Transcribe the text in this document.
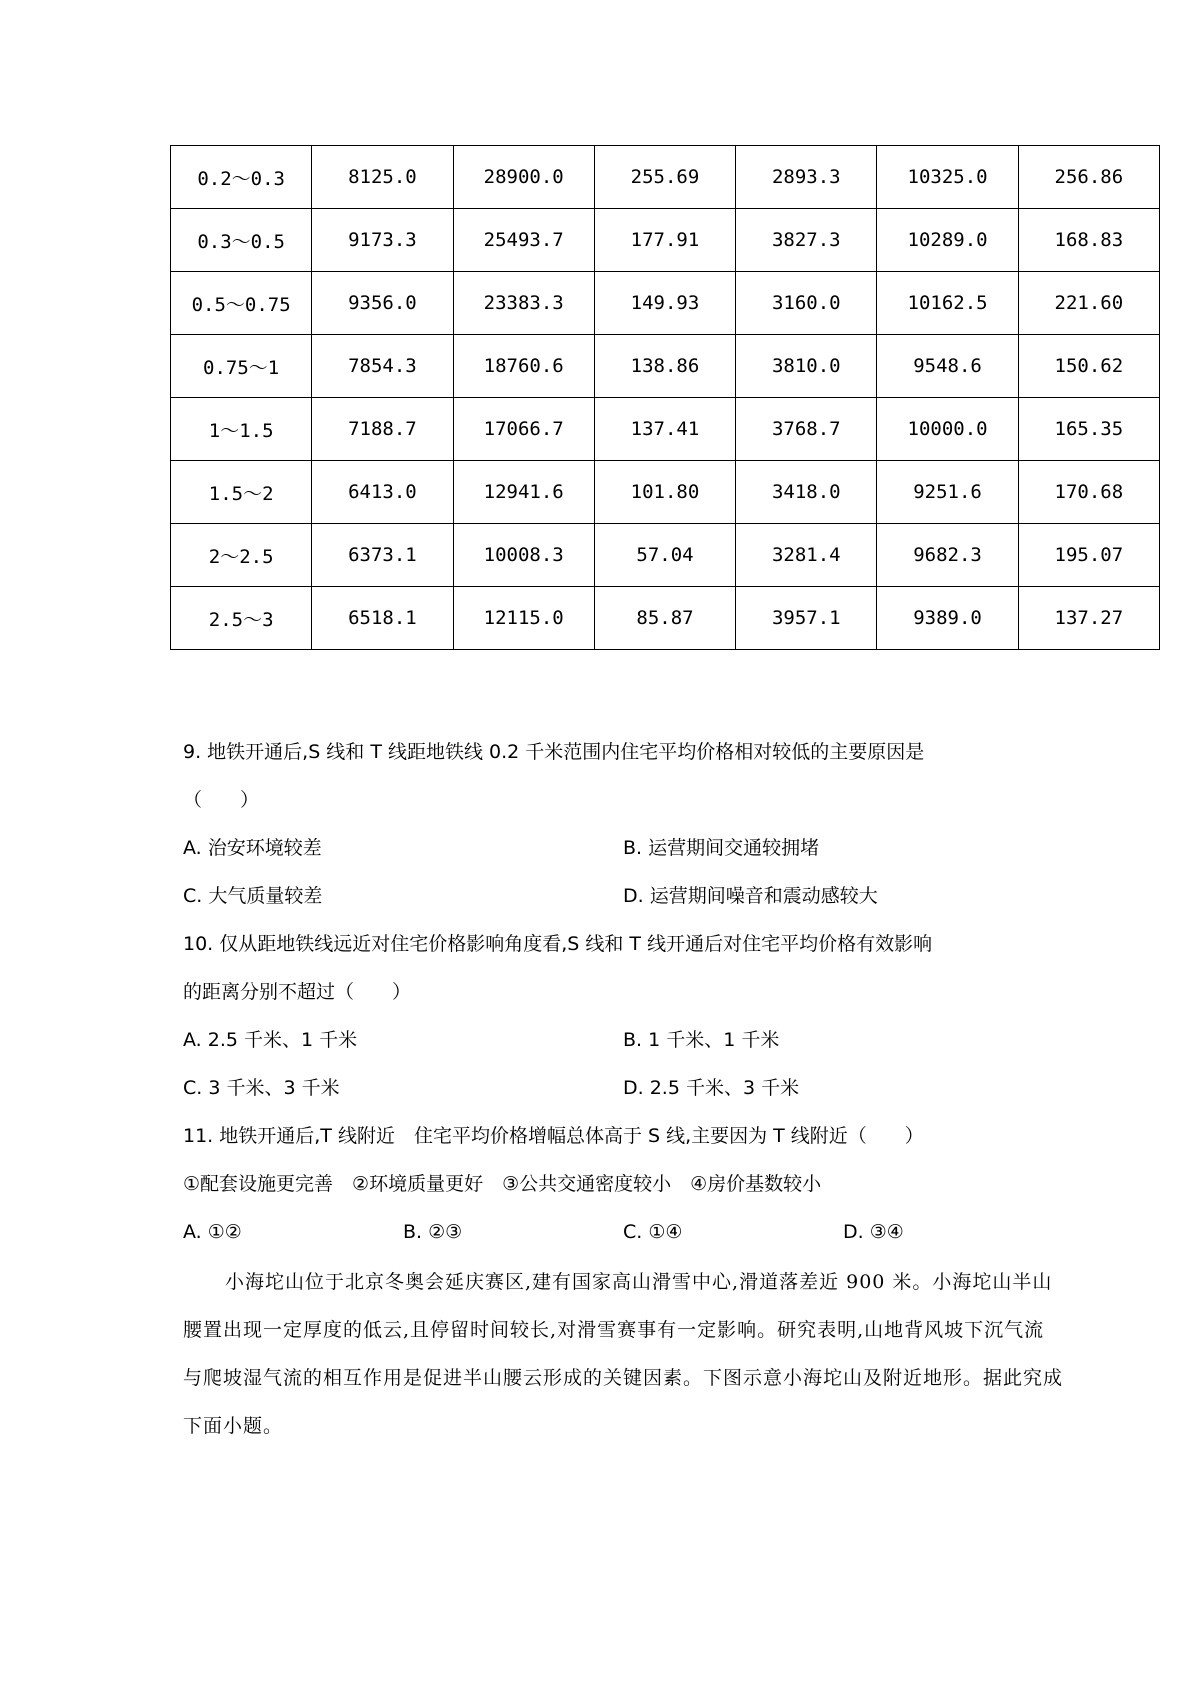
0.2～0.3	8125.0	28900.0	255.69	2893.3	10325.0	256.86
0.3～0.5	9173.3	25493.7	177.91	3827.3	10289.0	168.83
0.5～0.75	9356.0	23383.3	149.93	3160.0	10162.5	221.60
0.75～1	7854.3	18760.6	138.86	3810.0	9548.6	150.62
1～1.5	7188.7	17066.7	137.41	3768.7	10000.0	165.35
1.5～2	6413.0	12941.6	101.80	3418.0	9251.6	170.68
2～2.5	6373.1	10008.3	57.04	3281.4	9682.3	195.07
2.5～3	6518.1	12115.0	85.87	3957.1	9389.0	137.27
9. 地铁开通后,S 线和 T 线距地铁线 0.2 千米范围内住宅平均价格相对较低的主要原因是
（　　）
A. 治安环境较差	B. 运营期间交通较拥堵
C. 大气质量较差	D. 运营期间噪音和震动感较大
10. 仅从距地铁线远近对住宅价格影响角度看,S 线和 T 线开通后对住宅平均价格有效影响
的距离分别不超过（　　）
A. 2.5 千米、1 千米	B. 1 千米、1 千米
C. 3 千米、3 千米	D. 2.5 千米、3 千米
11. 地铁开通后,T 线附近　住宅平均价格增幅总体高于 S 线,主要因为 T 线附近（　　）
①配套设施更完善　②环境质量更好　③公共交通密度较小　④房价基数较小
A. ①②	B. ②③	C. ①④	D. ③④
小海坨山位于北京冬奥会延庆赛区,建有国家高山滑雪中心,滑道落差近 900 米。小海坨山半山腰置出现一定厚度的低云,且停留时间较长,对滑雪赛事有一定影响。研究表明,山地背风坡下沉气流与爬坡湿气流的相互作用是促进半山腰云形成的关键因素。下图示意小海坨山及附近地形。据此究成下面小题。
